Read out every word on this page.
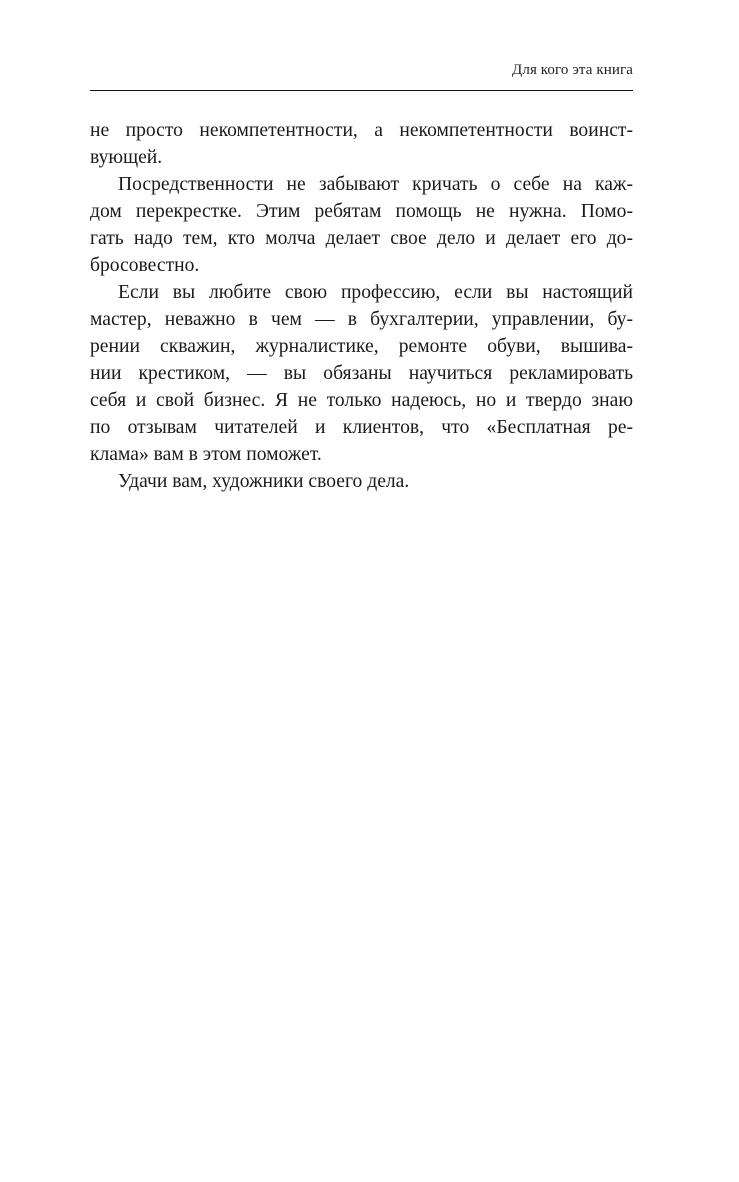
Для кого эта книга
не просто некомпетентности, а некомпетентности воинст-
вующей.
Посредственности не забывают кричать о себе на каж-
дом перекрестке. Этим ребятам помощь не нужна. Помо-
гать надо тем, кто молча делает свое дело и делает его до-
бросовестно.
Если вы любите свою профессию, если вы настоящий
мастер, неважно в чем — в бухгалтерии, управлении, бу-
рении скважин, журналистике, ремонте обуви, вышива-
нии крестиком, — вы обязаны научиться рекламировать
себя и свой бизнес. Я не только надеюсь, но и твердо знаю
по отзывам читателей и клиентов, что «Бесплатная ре-
клама» вам в этом поможет.
Удачи вам, художники своего дела.
